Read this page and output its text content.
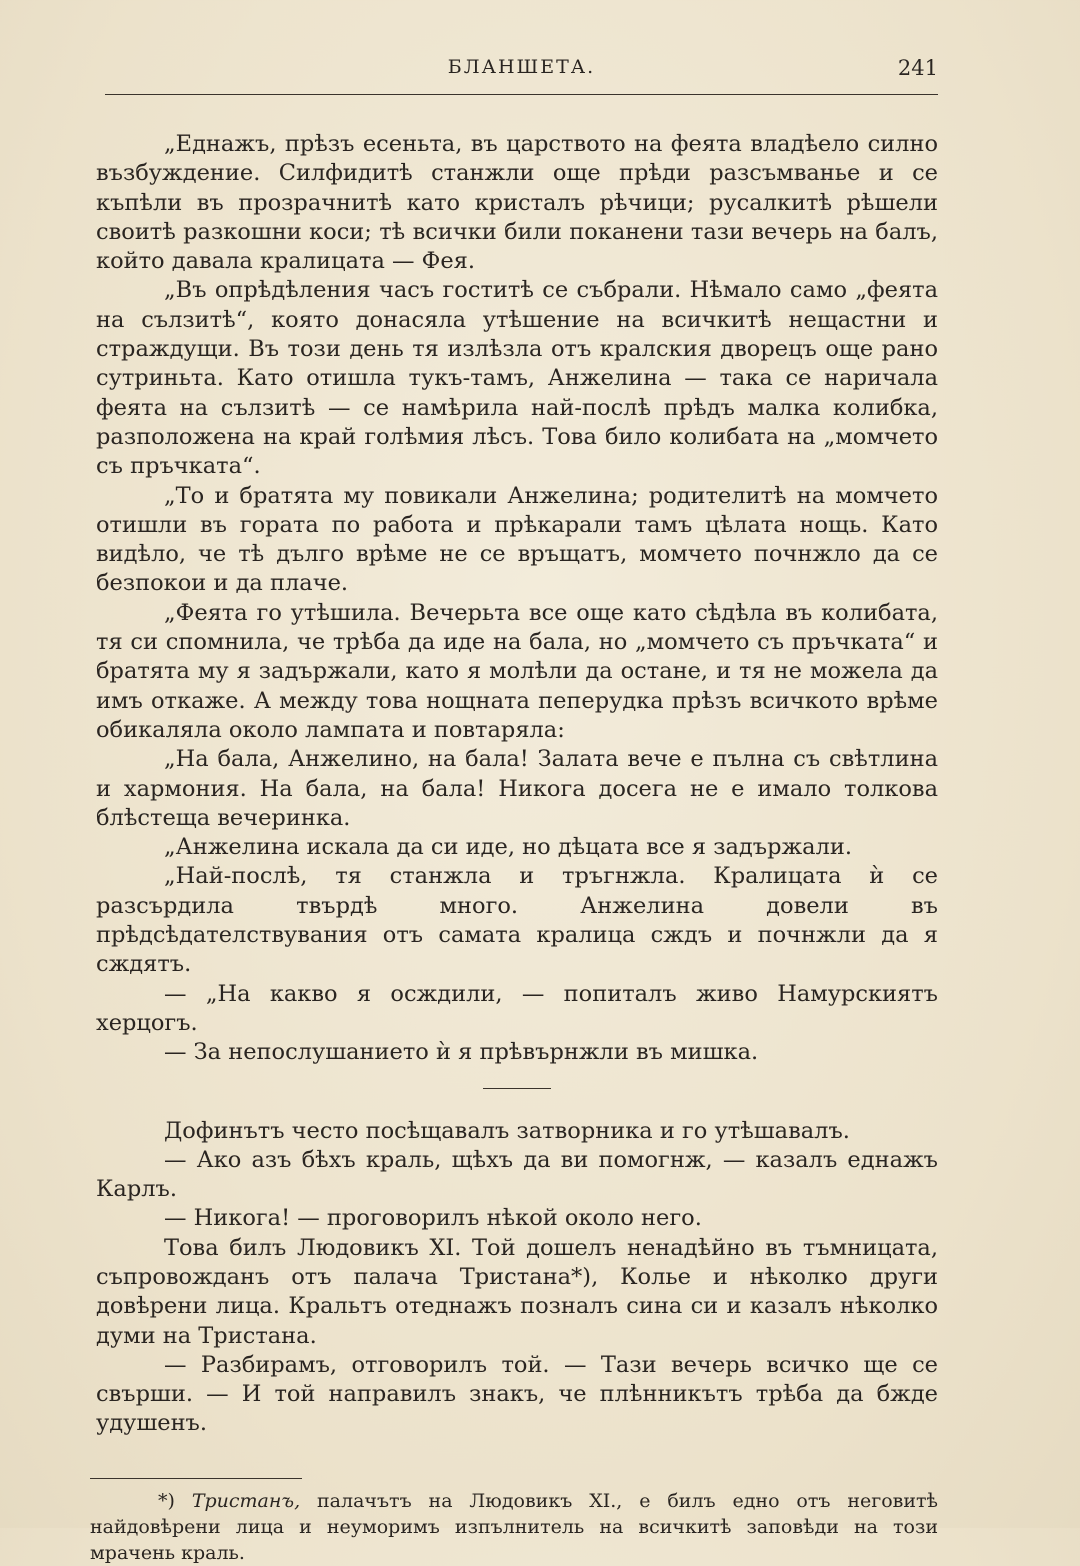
БЛАНШЕТА.	241

„Еднажъ, прѣзъ есеньта, въ царството на феята владѣело силно възбуждение. Силфидитѣ станжли още прѣди разсъмванье и се къпѣли въ прозрачнитѣ като кристалъ рѣчици; русалкитѣ рѣшели своитѣ разкошни коси; тѣ всички били поканени тази вечерь на балъ, който давала кралицата — Фея.

„Въ опрѣдѣления часъ гоститѣ се събрали. Нѣмало само „феята на сълзитѣ“, която донасяла утѣшение на всичкитѣ нещастни и страждущи. Въ този день тя излѣзла отъ кралския дворецъ още рано сутриньта. Като отишла тукъ-тамъ, Анжелина — така се наричала феята на сълзитѣ — се намѣрила най-послѣ прѣдъ малка колибка, разположена на край голѣмия лѣсъ. Това било колибата на „момчето съ пръчката“.

„То и братята му повикали Анжелина; родителитѣ на момчето отишли въ гората по работа и прѣкарали тамъ цѣлата нощь. Като видѣло, че тѣ дълго врѣме не се връщатъ, момчето почнжло да се безпокои и да плаче.

„Феята го утѣшила. Вечерьта все още като сѣдѣла въ колибата, тя си спомнила, че трѣба да иде на бала, но „момчето съ пръчката“ и братята му я задържали, като я молѣли да остане, и тя не можела да имъ откаже. А между това нощната пеперудка прѣзъ всичкото врѣме обикаляла около лампата и повтаряла:

„На бала, Анжелино, на бала! Залата вече е пълна съ свѣтлина и хармония. На бала, на бала! Никога досега не е имало толкова блѣстеща вечеринка.

„Анжелина искала да си иде, но дѣцата все я задържали.

„Най-послѣ, тя станжла и тръгнжла. Кралицата ѝ се разсърдила твърдѣ много. Анжелина довели въ прѣдсѣдателствувания отъ самата кралица сждъ и почнжли да я сждятъ.

— „На какво я осждили, — попиталъ живо Намурскиятъ херцогъ.

— За непослушанието ѝ я прѣвърнжли въ мишка.

Дофинътъ често посѣщавалъ затворника и го утѣшавалъ.

— Ако азъ бѣхъ краль, щѣхъ да ви помогнж, — казалъ еднажъ Карлъ.

— Никога! — проговорилъ нѣкой около него.

Това билъ Людовикъ XI. Той дошелъ ненадѣйно въ тъмницата, съпровожданъ отъ палача Тристана*), Колье и нѣколко други довѣрени лица. Кральтъ отеднажъ позналъ сина си и казалъ нѣколко думи на Тристана.

— Разбирамъ, отговорилъ той. — Тази вечерь всичко ще се свърши. — И той направилъ знакъ, че плѣнникътъ трѣба да бжде удушенъ.

*) Тристанъ, палачътъ на Людовикъ XI., е билъ едно отъ неговитѣ найдовѣрени лица и неуморимъ изпълнитель на всичкитѣ заповѣди на този мрачень краль.
